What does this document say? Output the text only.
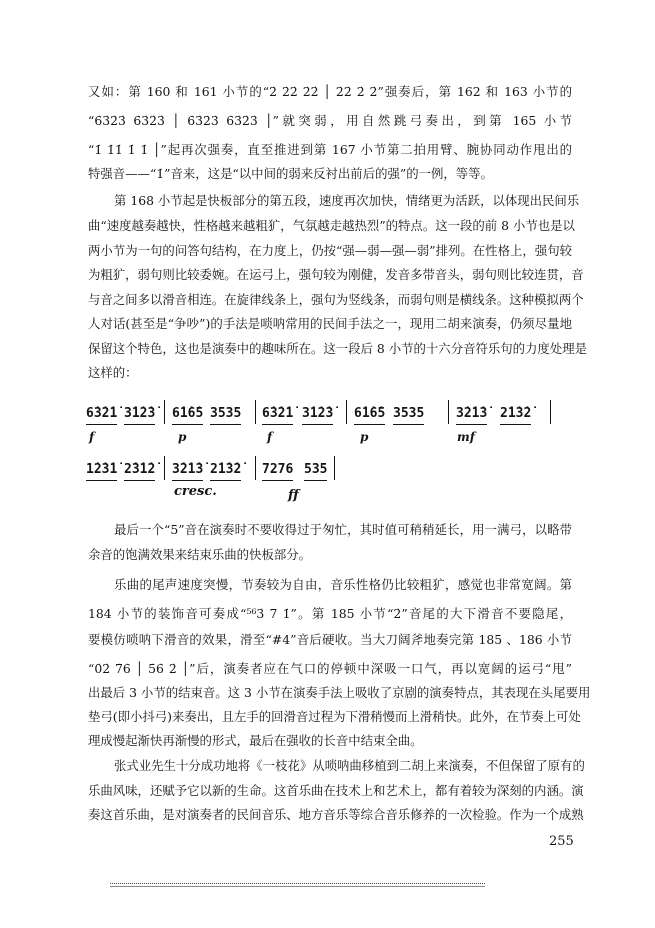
又如：第 160 和 161 小节的“2̇ 2̇2̇ 2̇2̇ │ 2̇2̇ 2̇ 2̇”强奏后，第 162 和 163 小节的
“6̇3̇2̇3̇ 6̇3̇2̇3̇ │ 6̇3̇2̇3̇ 6̇3̇2̇3̇ │”就突弱，用自然跳弓奏出，到第 165 小节
“1̇ 1̇1̇ 1̇ 1̇ │”起再次强奏，直至推进到第 167 小节第二拍用臂、腕协同动作甩出的
特强音——“1̇”音来，这是“以中间的弱来反衬出前后的强”的一例，等等。
第 168 小节起是快板部分的第五段，速度再次加快，情绪更为活跃，以体现出民间乐
曲“速度越奏越快，性格越来越粗犷，气氛越走越热烈”的特点。这一段的前 8 小节也是以
两小节为一句的问答句结构，在力度上，仍按“强—弱—强—弱”排列。在性格上，强句较
为粗犷，弱句则比较委婉。在运弓上，强句较为刚健，发音多带音头，弱句则比较连贯，音
与音之间多以滑音相连。在旋律线条上，强句为竖线条，而弱句则是横线条。这种模拟两个
人对话(甚至是“争吵”)的手法是唢呐常用的民间手法之一，现用二胡来演奏，仍须尽量地
保留这个特色，这也是演奏中的趣味所在。这一段后 8 小节的十六分音符乐句的力度处理是
这样的：
6̇3̇2̇1̇ 3̇1̇2̇3̇ 6̇1̇6̇5 3535 6̇3̇2̇1̇ 3̇1̇2̇3̇ 6̇1̇6̇5 3535 3̇2̇1̇3̇ 2̇1̇3̇2̇
f	p	f	p	mf
1̇2̇3̇1̇ 2̇3̇1̇2̇ 3̇2̇1̇3̇ 2̇1̇3̇2̇ 7276 535
cresc.	ff
最后一个“5”音在演奏时不要收得过于匆忙，其时值可稍稍延长，用一满弓，以略带
余音的饱满效果来结束乐曲的快板部分。
乐曲的尾声速度突慢，节奏较为自由，音乐性格仍比较粗犷，感觉也非常宽阔。第
184 小节的装饰音可奏成“⁵⁶3̇ 7 1̇”。第 185 小节“2̇”音尾的大下滑音不要隐尾，
要模仿唢呐下滑音的效果，滑至“#4”音后硬收。当大刀阔斧地奏完第 185 、186 小节
“0̇2̇ 7̇6̇ │ 5̇6̇ 2̇ │”后，演奏者应在气口的停顿中深吸一口气，再以宽阔的运弓“甩”
出最后 3 小节的结束音。这 3 小节在演奏手法上吸收了京剧的演奏特点，其表现在头尾要用
垫弓(即小抖弓)来奏出，且左手的回滑音过程为下滑稍慢而上滑稍快。此外，在节奏上可处
理成慢起渐快再渐慢的形式，最后在强收的长音中结束全曲。
张式业先生十分成功地将《一枝花》从唢呐曲移植到二胡上来演奏，不但保留了原有的
乐曲风味，还赋予它以新的生命。这首乐曲在技术上和艺术上，都有着较为深刻的内涵。演
奏这首乐曲，是对演奏者的民间音乐、地方音乐等综合音乐修养的一次检验。作为一个成熟
255
